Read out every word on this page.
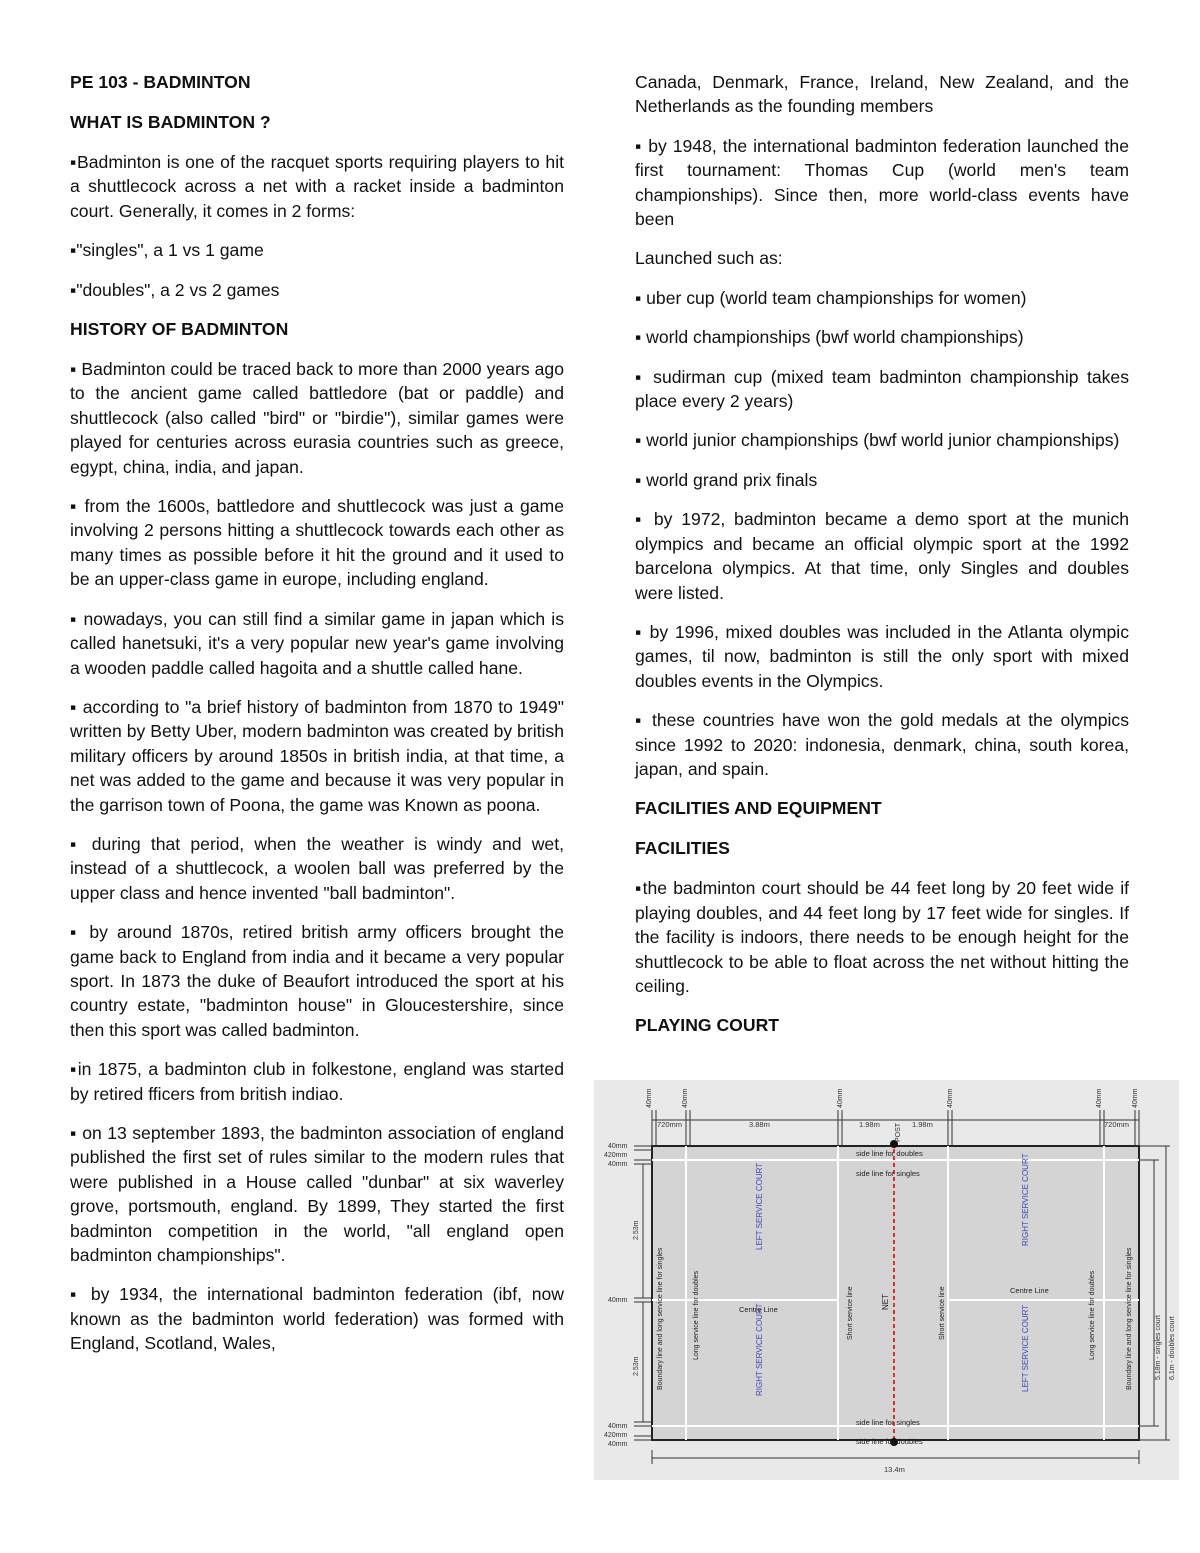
PE 103 - BADMINTON
WHAT IS BADMINTON ?

▪Badminton is one of the racquet sports requiring players to hit a shuttlecock across a net with a racket inside a badminton court. Generally, it comes in 2 forms:

▪"singles", a 1 vs 1 game

▪"doubles", a 2 vs 2 games

HISTORY OF BADMINTON

▪ Badminton could be traced back to more than 2000 years ago to the ancient game called battledore (bat or paddle) and shuttlecock (also called "bird" or "birdie"), similar games were played for centuries across eurasia countries such as greece, egypt, china, india, and japan.

▪ from the 1600s, battledore and shuttlecock was just a game involving 2 persons hitting a shuttlecock towards each other as many times as possible before it hit the ground and it used to be an upper-class game in europe, including england.

▪ nowadays, you can still find a similar game in japan which is called hanetsuki, it's a very popular new year's game involving a wooden paddle called hagoita and a shuttle called hane.

▪ according to "a brief history of badminton from 1870 to 1949" written by Betty Uber, modern badminton was created by british military officers by around 1850s in british india, at that time, a net was added to the game and because it was very popular in the garrison town of Poona, the game was Known as poona.

▪ during that period, when the weather is windy and wet, instead of a shuttlecock, a woolen ball was preferred by the upper class and hence invented "ball badminton".

▪ by around 1870s, retired british army officers brought the game back to England from india and it became a very popular sport. In 1873 the duke of Beaufort introduced the sport at his country estate, "badminton house" in Gloucestershire, since then this sport was called badminton.

▪in 1875, a badminton club in folkestone, england was started by retired fficers from british indiao.

▪ on 13 september 1893, the badminton association of england published the first set of rules similar to the modern rules that were published in a House called "dunbar" at six waverley grove, portsmouth, england. By 1899, They started the first badminton competition in the world, "all england open badminton championships".

▪ by 1934, the international badminton federation (ibf, now known as the badminton world federation) was formed with England, Scotland, Wales,

Canada, Denmark, France, Ireland, New Zealand, and the Netherlands as the founding members

▪ by 1948, the international badminton federation launched the first tournament: Thomas Cup (world men's team championships). Since then, more world-class events have been

Launched such as:

▪ uber cup (world team championships for women)

▪ world championships (bwf world championships)

▪ sudirman cup (mixed team badminton championship takes place every 2 years)

▪ world junior championships (bwf world junior championships)

▪ world grand prix finals

▪ by 1972, badminton became a demo sport at the munich olympics and became an official olympic sport at the 1992 barcelona olympics. At that time, only Singles and doubles were listed.

▪ by 1996, mixed doubles was included in the Atlanta olympic games, til now, badminton is still the only sport with mixed doubles events in the Olympics.

▪ these countries have won the gold medals at the olympics since 1992 to 2020: indonesia, denmark, china, south korea, japan, and spain.

FACILITIES AND EQUIPMENT
FACILITIES

▪the badminton court should be 44 feet long by 20 feet wide if playing doubles, and 44 feet long by 17 feet wide for singles. If the facility is indoors, there needs to be enough height for the shuttlecock to be able to float across the net without hitting the ceiling.

PLAYING COURT
40mm	40mm	40mm	40mm	40mm	40mm
720mm	3.88m	1.98m	1.98m	720mm
POST
40mm
420mm
40mm
40mm
40mm
420mm
40mm
2.53m
2.53m
side line for doubles
side line for singles
side line for singles
side line for doubles
Boundary line and long service line for singles	Boundary line and long service line for singles
Long service line for doubles	Long service line for doubles
Short service line	Short service line
NET
LEFT SERVICE COURT
RIGHT SERVICE COURT
RIGHT SERVICE COURT
LEFT SERVICE COURT
Centre Line
Centre Line
5.18m - singles court 6.1m - doubles court
13.4m
